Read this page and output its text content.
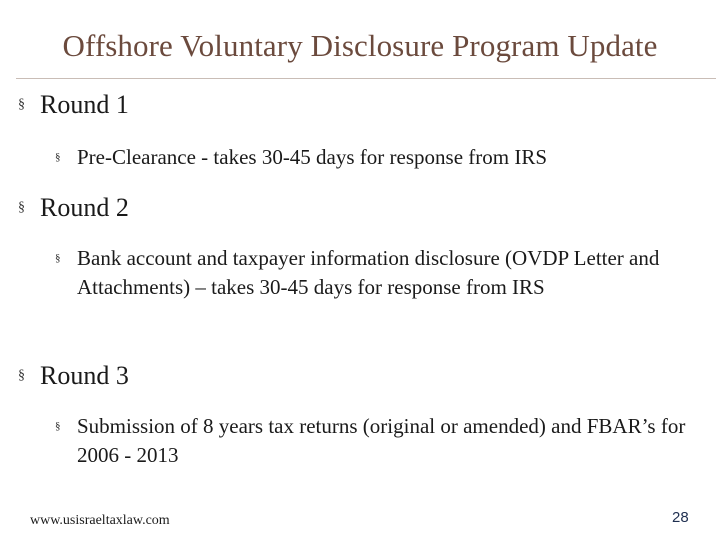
Offshore Voluntary Disclosure Program Update
§ Round 1
§ Pre-Clearance - takes 30-45 days for response from IRS
§ Round 2
§ Bank account and taxpayer information disclosure (OVDP Letter and Attachments) – takes 30-45 days for response from IRS
§ Round 3
§ Submission of 8 years tax returns (original or amended) and FBAR’s for 2006 - 2013
www.usisraeltaxlaw.com	28
